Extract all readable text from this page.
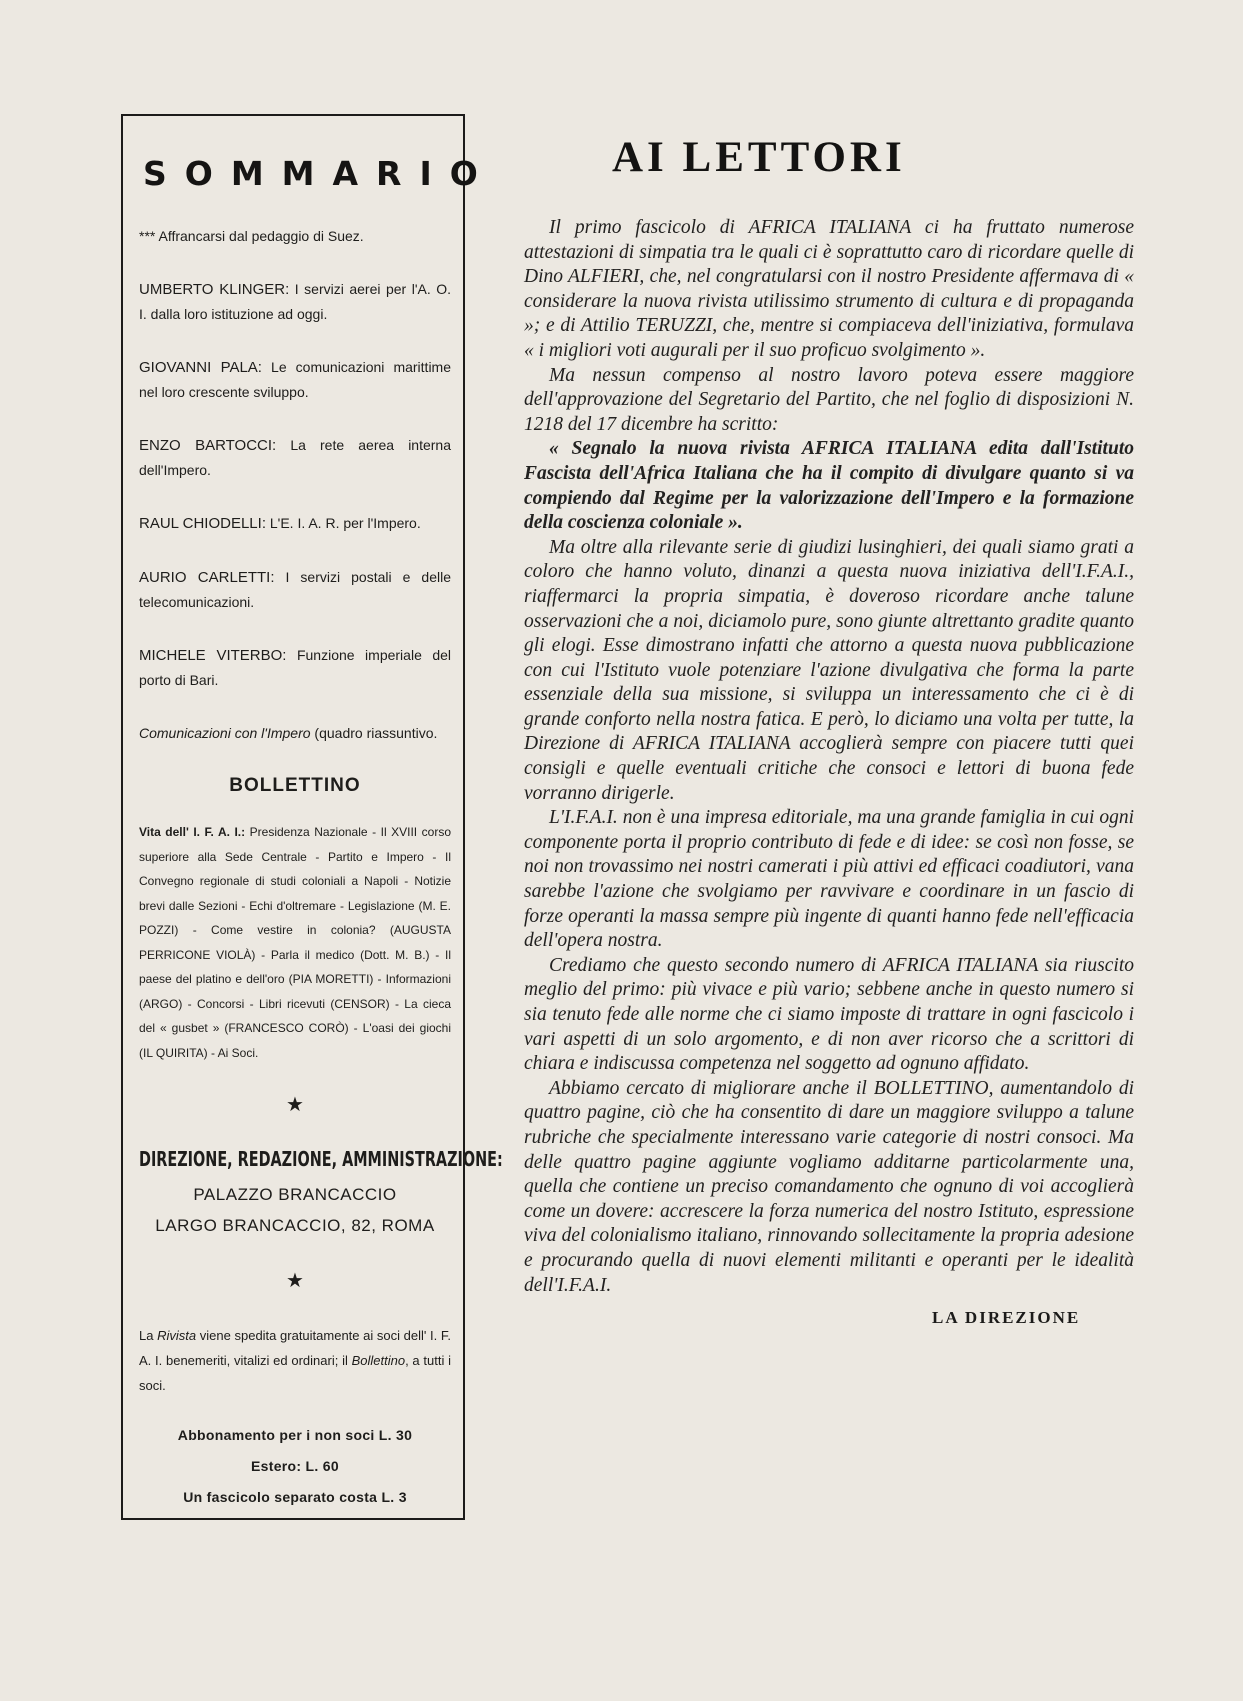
SOMMARIO
*** Affrancarsi dal pedaggio di Suez.
UMBERTO KLINGER: I servizi aerei per l'A. O. I. dalla loro istituzione ad oggi.
GIOVANNI PALA: Le comunicazioni marittime nel loro crescente sviluppo.
ENZO BARTOCCI: La rete aerea interna dell'Impero.
RAUL CHIODELLI: L'E. I. A. R. per l'Impero.
AURIO CARLETTI: I servizi postali e delle telecomunicazioni.
MICHELE VITERBO: Funzione imperiale del porto di Bari.
Comunicazioni con l'Impero (quadro riassuntivo.
BOLLETTINO
Vita dell' I. F. A. I.: Presidenza Nazionale - Il XVIII corso superiore alla Sede Centrale - Partito e Impero - Il Convegno regionale di studi coloniali a Napoli - Notizie brevi dalle Sezioni - Echi d'oltremare - Legislazione (M. E. POZZI) - Come vestire in colonia? (AUGUSTA PERRICONE VIOLÀ) - Parla il medico (Dott. M. B.) - Il paese del platino e dell'oro (PIA MORETTI) - Informazioni (ARGO) - Concorsi - Libri ricevuti (CENSOR) - La cieca del « gusbet » (FRANCESCO CORÒ) - L'oasi dei giochi (IL QUIRITA) - Ai Soci.
★
DIREZIONE, REDAZIONE, AMMINISTRAZIONE:
PALAZZO BRANCACCIO
LARGO BRANCACCIO, 82, ROMA
★
La Rivista viene spedita gratuitamente ai soci dell' I. F. A. I. benemeriti, vitalizi ed ordinari; il Bollettino, a tutti i soci.
Abbonamento per i non soci L. 30
Estero: L. 60
Un fascicolo separato costa L. 3
AI LETTORI

Il primo fascicolo di AFRICA ITALIANA ci ha fruttato numerose attestazioni di simpatia tra le quali ci è soprattutto caro di ricordare quelle di Dino ALFIERI, che, nel congratularsi con il nostro Presidente affermava di « considerare la nuova rivista utilissimo strumento di cultura e di propaganda »; e di Attilio TERUZZI, che, mentre si compiaceva dell'iniziativa, formulava « i migliori voti augurali per il suo proficuo svolgimento ».

Ma nessun compenso al nostro lavoro poteva essere maggiore dell'approvazione del Segretario del Partito, che nel foglio di disposizioni N. 1218 del 17 dicembre ha scritto:

« Segnalo la nuova rivista AFRICA ITALIANA edita dall'Istituto Fascista dell'Africa Italiana che ha il compito di divulgare quanto si va compiendo dal Regime per la valorizzazione dell'Impero e la formazione della coscienza coloniale ».

Ma oltre alla rilevante serie di giudizi lusinghieri, dei quali siamo grati a coloro che hanno voluto, dinanzi a questa nuova iniziativa dell'I.F.A.I., riaffermarci la propria simpatia, è doveroso ricordare anche talune osservazioni che a noi, diciamolo pure, sono giunte altrettanto gradite quanto gli elogi. Esse dimostrano infatti che attorno a questa nuova pubblicazione con cui l'Istituto vuole potenziare l'azione divulgativa che forma la parte essenziale della sua missione, si sviluppa un interessamento che ci è di grande conforto nella nostra fatica. E però, lo diciamo una volta per tutte, la Direzione di AFRICA ITALIANA accoglierà sempre con piacere tutti quei consigli e quelle eventuali critiche che consoci e lettori di buona fede vorranno dirigerle.

L'I.F.A.I. non è una impresa editoriale, ma una grande famiglia in cui ogni componente porta il proprio contributo di fede e di idee: se così non fosse, se noi non trovassimo nei nostri camerati i più attivi ed efficaci coadiutori, vana sarebbe l'azione che svolgiamo per ravvivare e coordinare in un fascio di forze operanti la massa sempre più ingente di quanti hanno fede nell'efficacia dell'opera nostra.

Crediamo che questo secondo numero di AFRICA ITALIANA sia riuscito meglio del primo: più vivace e più vario; sebbene anche in questo numero si sia tenuto fede alle norme che ci siamo imposte di trattare in ogni fascicolo i vari aspetti di un solo argomento, e di non aver ricorso che a scrittori di chiara e indiscussa competenza nel soggetto ad ognuno affidato.

Abbiamo cercato di migliorare anche il BOLLETTINO, aumentandolo di quattro pagine, ciò che ha consentito di dare un maggiore sviluppo a talune rubriche che specialmente interessano varie categorie di nostri consoci. Ma delle quattro pagine aggiunte vogliamo additarne particolarmente una, quella che contiene un preciso comandamento che ognuno di voi accoglierà come un dovere: accrescere la forza numerica del nostro Istituto, espressione viva del colonialismo italiano, rinnovando sollecitamente la propria adesione e procurando quella di nuovi elementi militanti e operanti per le idealità dell'I.F.A.I.

LA DIREZIONE
